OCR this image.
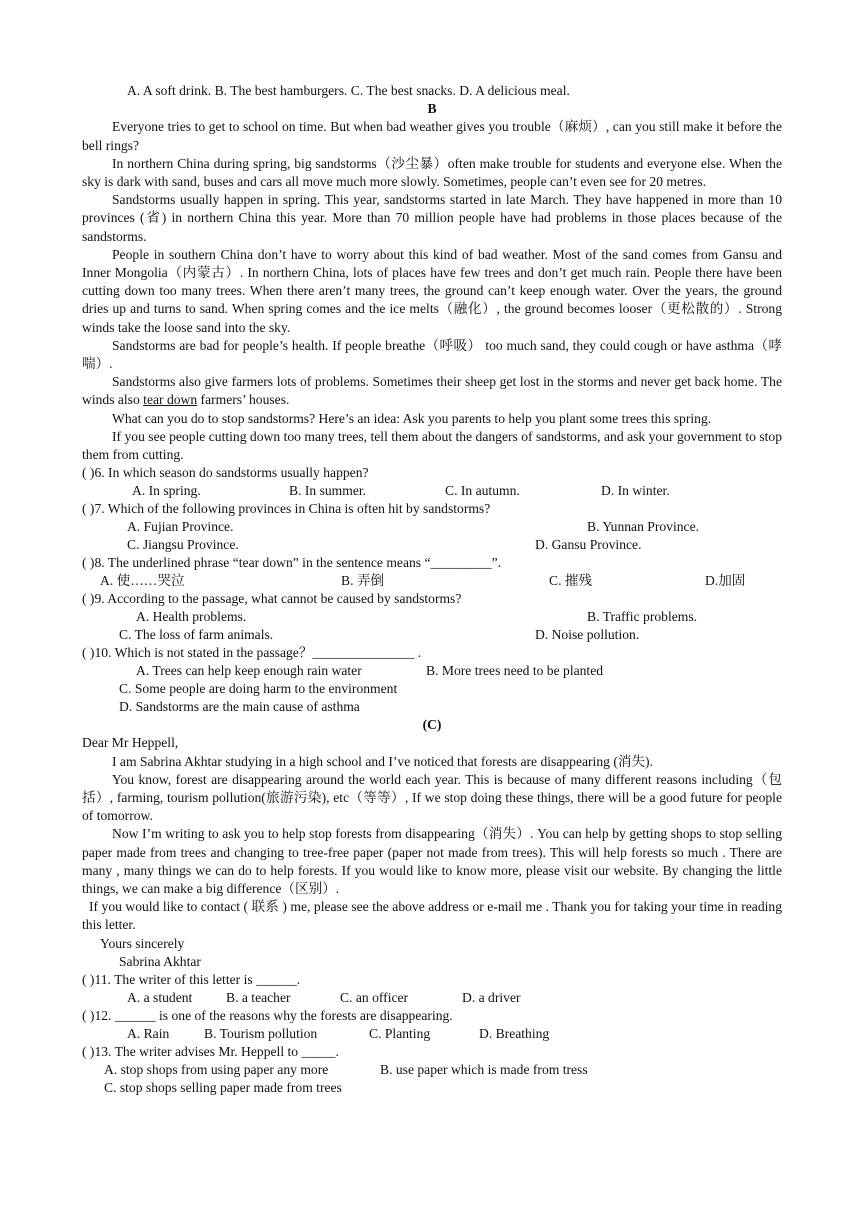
A. A soft drink. B. The best hamburgers. C. The best snacks. D. A delicious meal.
B

Everyone tries to get to school on time. But when bad weather gives you trouble（麻烦）, can you still make it before the bell rings?

In northern China during spring, big sandstorms（沙尘暴）often make trouble for students and everyone else. When the sky is dark with sand, buses and cars all move much more slowly. Sometimes, people can’t even see for 20 metres.

Sandstorms usually happen in spring. This year, sandstorms started in late March. They have happened in more than 10 provinces (省) in northern China this year. More than 70 million people have had problems in those places because of the sandstorms.

People in southern China don’t have to worry about this kind of bad weather. Most of the sand comes from Gansu and Inner Mongolia（内蒙古）. In northern China, lots of places have few trees and don’t get much rain. People there have been cutting down too many trees. When there aren’t many trees, the ground can’t keep enough water. Over the years, the ground dries up and turns to sand. When spring comes and the ice melts（融化）, the ground becomes looser（更松散的）. Strong winds take the loose sand into the sky.

Sandstorms are bad for people’s health. If people breathe（呼吸） too much sand, they could cough or have asthma（哮喘）.

Sandstorms also give farmers lots of problems. Sometimes their sheep get lost in the storms and never get back home. The winds also tear down farmers’ houses.

What can you do to stop sandstorms? Here’s an idea: Ask you parents to help you plant some trees this spring.

If you see people cutting down too many trees, tell them about the dangers of sandstorms, and ask your government to stop them from cutting.

( )6. In which season do sandstorms usually happen?
A. In spring.	B. In summer.	C. In autumn.	D. In winter.
( )7. Which of the following provinces in China is often hit by sandstorms?
A. Fujian Province.	B. Yunnan Province.
C. Jiangsu Province.	D. Gansu Province.
( )8. The underlined phrase “tear down” in the sentence means “_________”.
A. 使……哭泣	B. 弄倒	C. 摧残	D.加固
( )9. According to the passage, what cannot be caused by sandstorms?
A. Health problems.	B. Traffic problems.
C. The loss of farm animals.	D. Noise pollution.
( )10. Which is not stated in the passage？_______________ .
A. Trees can help keep enough rain water	B. More trees need to be planted
C. Some people are doing harm to the environment
D. Sandstorms are the main cause of asthma
(C)
Dear Mr Heppell,

I am Sabrina Akhtar studying in a high school and I’ve noticed that forests are disappearing (消失).

You know, forest are disappearing around the world each year. This is because of many different reasons including（包括）, farming, tourism pollution(旅游污染), etc（等等）, If we stop doing these things, there will be a good future for people of tomorrow.

Now I’m writing to ask you to help stop forests from disappearing（消失）. You can help by getting shops to stop selling paper made from trees and changing to tree-free paper (paper not made from trees). This will help forests so much . There are many , many things we can do to help forests. If you would like to know more, please visit our website. By changing the little things, we can make a big difference（区别）.

If you would like to contact ( 联系 ) me, please see the above address or e-mail me . Thank you for taking your time in reading this letter.

Yours sincerely
Sabrina Akhtar
( )11. The writer of this letter is ______.
A. a student B. a teacher	C. an officer	D. a driver
( )12. ______ is one of the reasons why the forests are disappearing.
A. Rain	B. Tourism pollution	C. Planting	D. Breathing
( )13. The writer advises Mr. Heppell to _____.
A. stop shops from using paper any more	B. use paper which is made from tress
C. stop shops selling paper made from trees
